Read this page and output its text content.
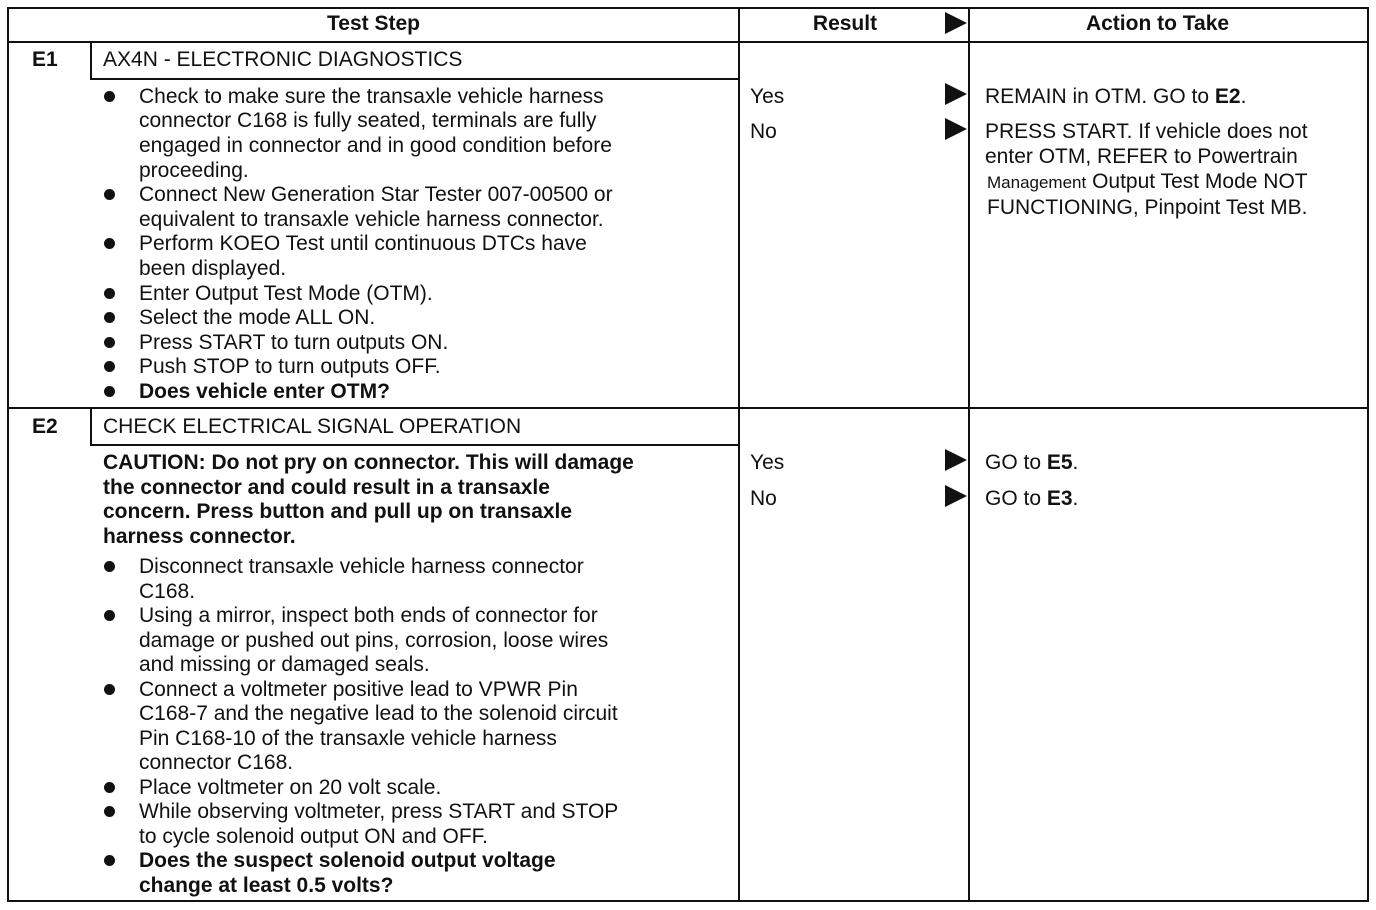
Test Step	Result	Action to Take
E1 AX4N - ELECTRONIC DIAGNOSTICS
Check to make sure the transaxle vehicle harness
connector C168 is fully seated, terminals are fully
engaged in connector and in good condition before
proceeding.
Connect New Generation Star Tester 007-00500 or
equivalent to transaxle vehicle harness connector.
Perform KOEO Test until continuous DTCs have
been displayed.
Enter Output Test Mode (OTM).
Select the mode ALL ON.
Press START to turn outputs ON.
Push STOP to turn outputs OFF.
Does vehicle enter OTM?
Yes
No
REMAIN in OTM. GO to E2.
PRESS START. If vehicle does not
enter OTM, REFER to Powertrain
Management Output Test Mode NOT
FUNCTIONING, Pinpoint Test MB.
E2 CHECK ELECTRICAL SIGNAL OPERATION
CAUTION: Do not pry on connector. This will damage
the connector and could result in a transaxle
concern. Press button and pull up on transaxle
harness connector.
Disconnect transaxle vehicle harness connector
C168.
Using a mirror, inspect both ends of connector for
damage or pushed out pins, corrosion, loose wires
and missing or damaged seals.
Connect a voltmeter positive lead to VPWR Pin
C168-7 and the negative lead to the solenoid circuit
Pin C168-10 of the transaxle vehicle harness
connector C168.
Place voltmeter on 20 volt scale.
While observing voltmeter, press START and STOP
to cycle solenoid output ON and OFF.
Does the suspect solenoid output voltage
change at least 0.5 volts?
Yes
No
GO to E5.
GO to E3.
